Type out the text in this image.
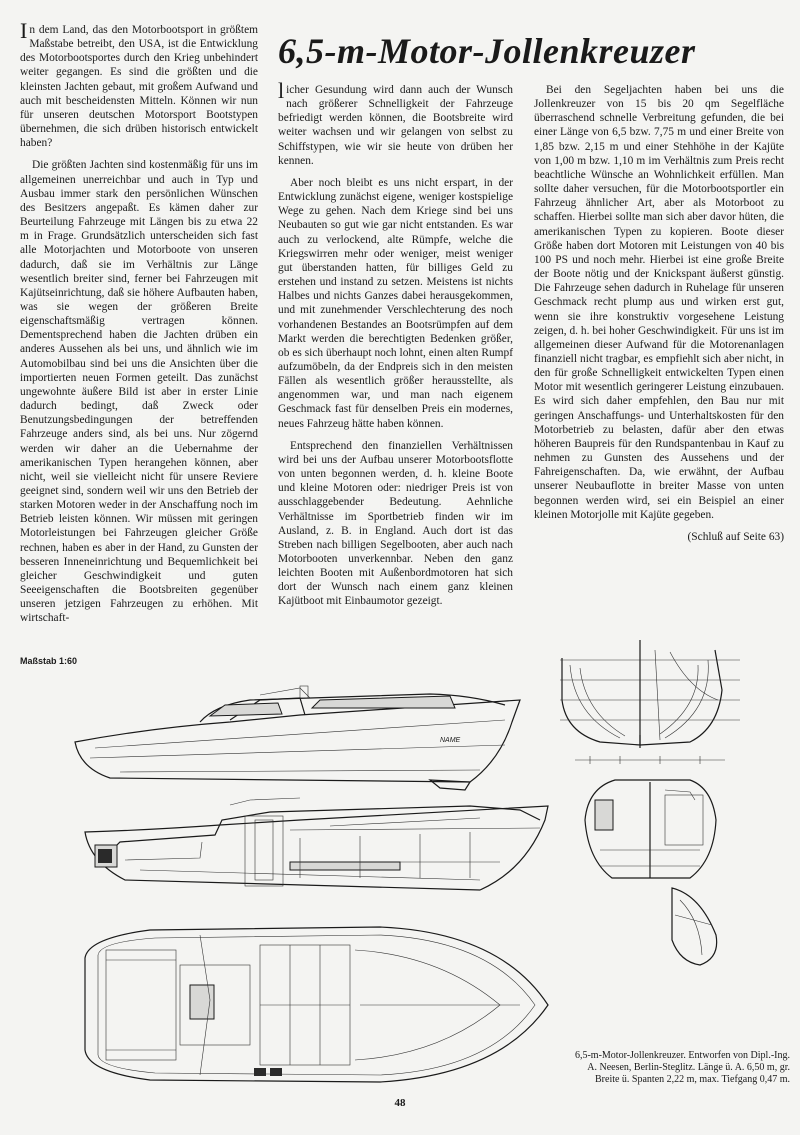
6,5-m-Motor-Jollenkreuzer

In dem Land, das den Motorbootsport in größtem Maßstabe betreibt, den USA, ist die Entwicklung des Motorbootsportes durch den Krieg unbehindert weiter gegangen. Es sind die größten und die kleinsten Jachten gebaut, mit großem Aufwand und auch mit bescheidensten Mitteln. Können wir nun für unseren deutschen Motorsport Bootstypen übernehmen, die sich drüben historisch entwickelt haben?

Die größten Jachten sind kostenmäßig für uns im allgemeinen unerreichbar und auch in Typ und Ausbau immer stark den persönlichen Wünschen des Besitzers angepaßt. Es kämen daher zur Beurteilung Fahrzeuge mit Längen bis zu etwa 22 m in Frage. Grundsätzlich unterscheiden sich fast alle Motorjachten und Motorboote von unseren dadurch, daß sie im Verhältnis zur Länge wesentlich breiter sind, ferner bei Fahrzeugen mit Kajütseinrichtung, daß sie höhere Aufbauten haben, was sie wegen der größeren Breite eigenschaftsmäßig vertragen können. Dementsprechend haben die Jachten drüben ein anderes Aussehen als bei uns, und ähnlich wie im Automobilbau sind bei uns die Ansichten über die importierten neuen Formen geteilt. Das zunächst ungewohnte äußere Bild ist aber in erster Linie dadurch bedingt, daß Zweck oder Benutzungsbedingungen der betreffenden Fahrzeuge anders sind, als bei uns. Nur zögernd werden wir daher an die Uebernahme der amerikanischen Typen herangehen können, aber nicht, weil sie vielleicht nicht für unsere Reviere geeignet sind, sondern weil wir uns den Betrieb der starken Motoren weder in der Anschaffung noch im Betrieb leisten können. Wir müssen mit geringen Motorleistungen bei Fahrzeugen gleicher Größe rechnen, haben es aber in der Hand, zu Gunsten der besseren Inneneinrichtung und Bequemlichkeit bei gleicher Geschwindigkeit und guten Seeeigenschaften die Bootsbreiten gegenüber unseren jetzigen Fahrzeugen zu erhöhen. Mit wirtschaft-

licher Gesundung wird dann auch der Wunsch nach größerer Schnelligkeit der Fahrzeuge befriedigt werden können, die Bootsbreite wird weiter wachsen und wir gelangen von selbst zu Schiffstypen, wie wir sie heute von drüben her kennen.

Aber noch bleibt es uns nicht erspart, in der Entwicklung zunächst eigene, weniger kostspielige Wege zu gehen. Nach dem Kriege sind bei uns Neubauten so gut wie gar nicht entstanden. Es war auch zu verlockend, alte Rümpfe, welche die Kriegswirren mehr oder weniger, meist weniger gut überstanden hatten, für billiges Geld zu erstehen und instand zu setzen. Meistens ist nichts Halbes und nichts Ganzes dabei herausgekommen, und mit zunehmender Verschlechterung des noch vorhandenen Bestandes an Bootsrümpfen auf dem Markt werden die berechtigten Bedenken größer, ob es sich überhaupt noch lohnt, einen alten Rumpf aufzumöbeln, da der Endpreis sich in den meisten Fällen als wesentlich größer herausstellte, als angenommen war, und man nach eigenem Geschmack fast für denselben Preis ein modernes, neues Fahrzeug hätte haben können.

Entsprechend den finanziellen Verhältnissen wird bei uns der Aufbau unserer Motorbootsflotte von unten begonnen werden, d. h. kleine Boote und kleine Motoren oder: niedriger Preis ist von ausschlaggebender Bedeutung. Aehnliche Verhältnisse im Sportbetrieb finden wir im Ausland, z. B. in England. Auch dort ist das Streben nach billigen Segelbooten, aber auch nach Motorbooten unverkennbar. Neben den ganz leichten Booten mit Außenbordmotoren hat sich dort der Wunsch nach einem ganz kleinen Kajütboot mit Einbaumotor gezeigt.

Bei den Segeljachten haben bei uns die Jollenkreuzer von 15 bis 20 qm Segelfläche überraschend schnelle Verbreitung gefunden, die bei einer Länge von 6,5 bzw. 7,75 m und einer Breite von 1,85 bzw. 2,15 m und einer Stehhöhe in der Kajüte von 1,00 m bzw. 1,10 m im Verhältnis zum Preis recht beachtliche Wünsche an Wohnlichkeit erfüllen. Man sollte daher versuchen, für die Motorbootsportler ein Fahrzeug ähnlicher Art, aber als Motorboot zu schaffen. Hierbei sollte man sich aber davor hüten, die amerikanischen Typen zu kopieren. Boote dieser Größe haben dort Motoren mit Leistungen von 40 bis 100 PS und noch mehr. Hierbei ist eine große Breite der Boote nötig und der Knickspant äußerst günstig. Die Fahrzeuge sehen dadurch in Ruhelage für unseren Geschmack recht plump aus und wirken erst gut, wenn sie ihre konstruktiv vorgesehene Leistung zeigen, d. h. bei hoher Geschwindigkeit. Für uns ist im allgemeinen dieser Aufwand für die Motorenanlagen finanziell nicht tragbar, es empfiehlt sich aber nicht, in den für große Schnelligkeit entwickelten Typen einen Motor mit wesentlich geringerer Leistung einzubauen. Es wird sich daher empfehlen, den Bau nur mit geringen Anschaffungs- und Unterhaltskosten für den Motorbetrieb zu belasten, dafür aber den etwas höheren Baupreis für den Rundspantenbau in Kauf zu nehmen zu Gunsten des Aussehens und der Fahreigenschaften. Da, wie erwähnt, der Aufbau unserer Neubauflotte in breiter Masse von unten begonnen werden wird, sei ein Beispiel an einer kleinen Motorjolle mit Kajüte gegeben.

(Schluß auf Seite 63)

Maßstab 1:60
NAME
6,5-m-Motor-Jollenkreuzer. Entworfen von Dipl.-Ing.
A. Neesen, Berlin-Steglitz. Länge ü. A. 6,50 m, gr.
Breite ü. Spanten 2,22 m, max. Tiefgang 0,47 m.
48
